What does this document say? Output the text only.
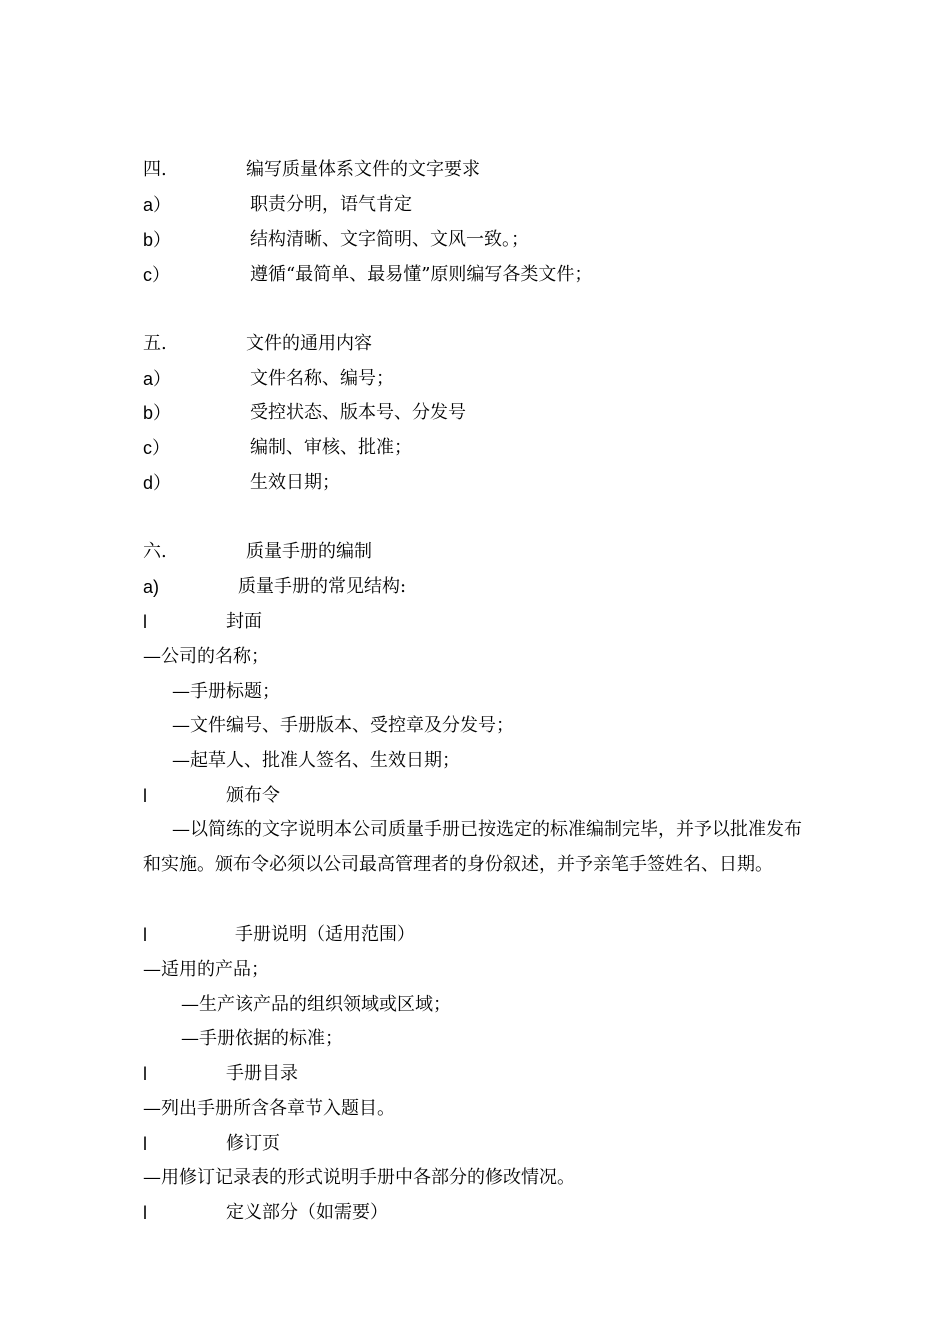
四.	编写质量体系文件的文字要求
a）	职责分明，语气肯定
b）	结构清晰、文字简明、文风一致。；
c）	遵循“最简单、最易懂”原则编写各类文件；
五.	文件的通用内容
a）	文件名称、编号；
b）	受控状态、版本号、分发号
c）	编制、审核、批准；
d）	生效日期；
六.	质量手册的编制
a)	质量手册的常见结构:
l	封面
—公司的名称；
—手册标题；
—文件编号、手册版本、受控章及分发号；
—起草人、批准人签名、生效日期；
l	颁布令
—以简练的文字说明本公司质量手册已按选定的标准编制完毕，并予以批准发布和实施。颁布令必须以公司最高管理者的身份叙述，并予亲笔手签姓名、日期。
l	手册说明（适用范围）
—适用的产品；
—生产该产品的组织领域或区域；
—手册依据的标准；
l	手册目录
—列出手册所含各章节入题目。
l	修订页
—用修订记录表的形式说明手册中各部分的修改情况。
l	定义部分（如需要）
